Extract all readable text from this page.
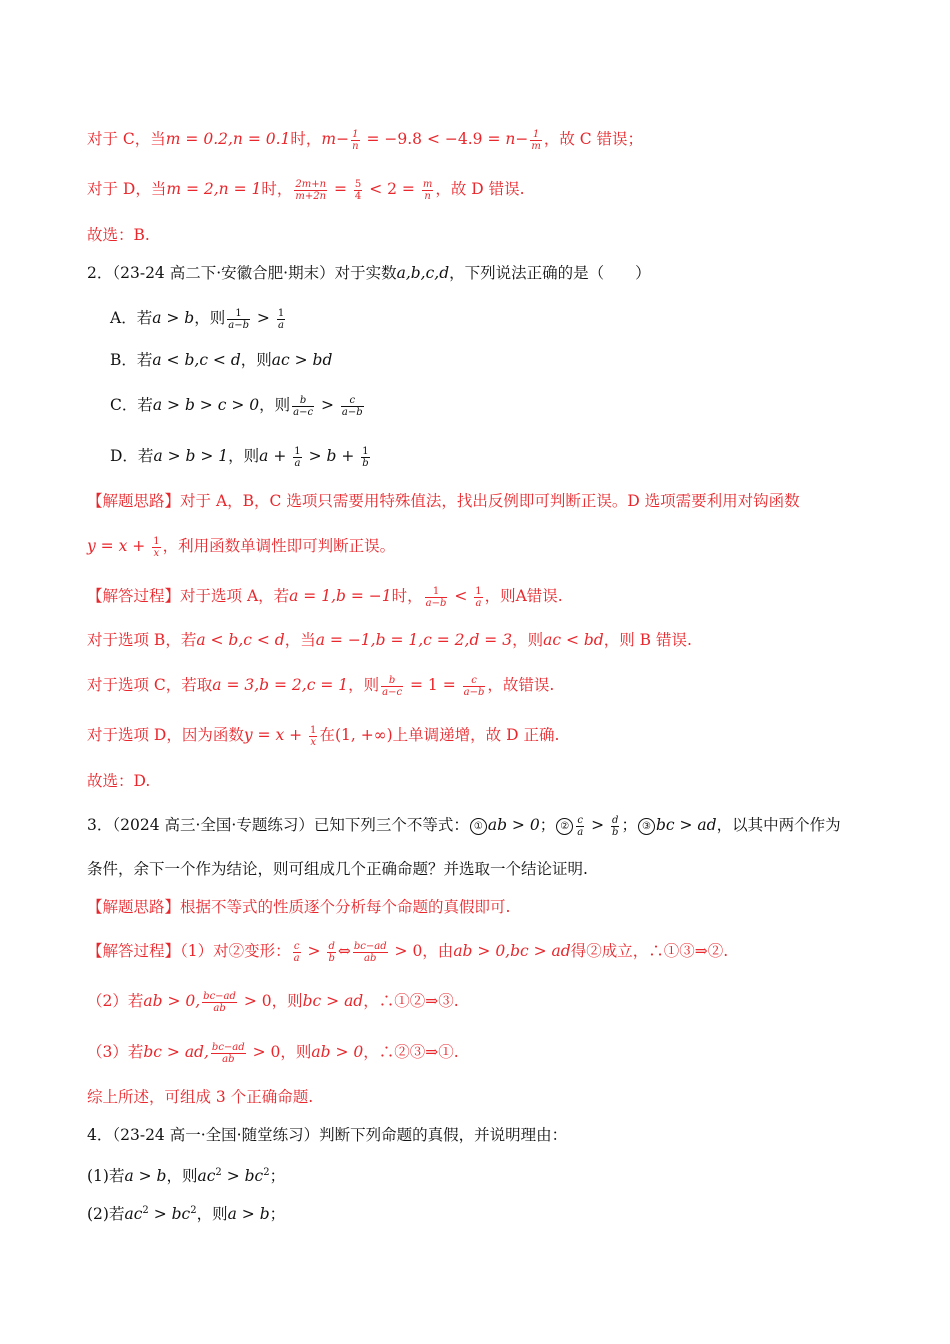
对于 C，当m = 0.2,n = 0.1时，$m- \frac{1}{n} = -9.8 < -4.9 = n- \frac{1}{m}$ ，故 C 错误；
对于 D，当m = 2,n = 1时， $\frac{2m+n}{m+2n} = \frac{5}{4} < 2 = \frac{m}{n}$ ，故 D 错误.
故选：B.
2．（23-24 高二下·安徽合肥·期末）对于实数a,b,c,d，下列说法正确的是（　　）
A．若a > b，则 $\frac{1}{a-b} > \frac{1}{a}$
B．若a < b,c < d，则ac > bd
C．若a > b > c > 0，则 $\frac{b}{a-c} > \frac{c}{a-b}$
D．若a > b > 1，则$a + \frac{1}{a} > b + \frac{1}{b}$
【解题思路】对于 A，B，C 选项只需要用特殊值法，找出反例即可判断正误。D 选项需要利用对钩函数
$y = x + \frac{1}{x}$ ，利用函数单调性即可判断正误。
【解答过程】对于选项 A，若a = 1,b = −1时， $\frac{1}{a-b} < \frac{1}{a}$ ，则A错误.
对于选项 B，若a < b,c < d，当a = −1,b = 1,c = 2,d = 3，则ac < bd，则 B 错误.
对于选项 C，若取a = 3,b = 2,c = 1，则 $\frac{b}{a-c} = 1 = \frac{c}{a-b}$ ，故错误.
对于选项 D，因为函数$y = x + \frac{1}{x}$ 在(1, +∞)上单调递增，故 D 正确.
故选：D.
3．（2024 高三·全国·专题练习）已知下列三个不等式： ① ab > 0； ② $\frac{c}{a} > \frac{d}{b}$ ； ③ bc > ad，以其中两个作为
条件，余下一个作为结论，则可组成几个正确命题？并选取一个结论证明.
【解题思路】根据不等式的性质逐个分析每个命题的真假即可.
【解答过程】（1）对②变形： $\frac{c}{a} > \frac{d}{b}$ ⇔ $\frac{bc-ad}{ab} > 0$，由ab > 0,bc > ad得②成立，∴①③⇒②.
（2）若ab > 0, $\frac{bc-ad}{ab} > 0$，则bc > ad，∴①②⇒③.
（3）若bc > ad, $\frac{bc-ad}{ab} > 0$，则ab > 0，∴②③⇒①.
综上所述，可组成 3 个正确命题.
4．（23-24 高一·全国·随堂练习）判断下列命题的真假，并说明理由：
(1)若a > b，则$ac^2 > bc^2$；
(2)若$ac^2 > bc^2$，则a > b；
